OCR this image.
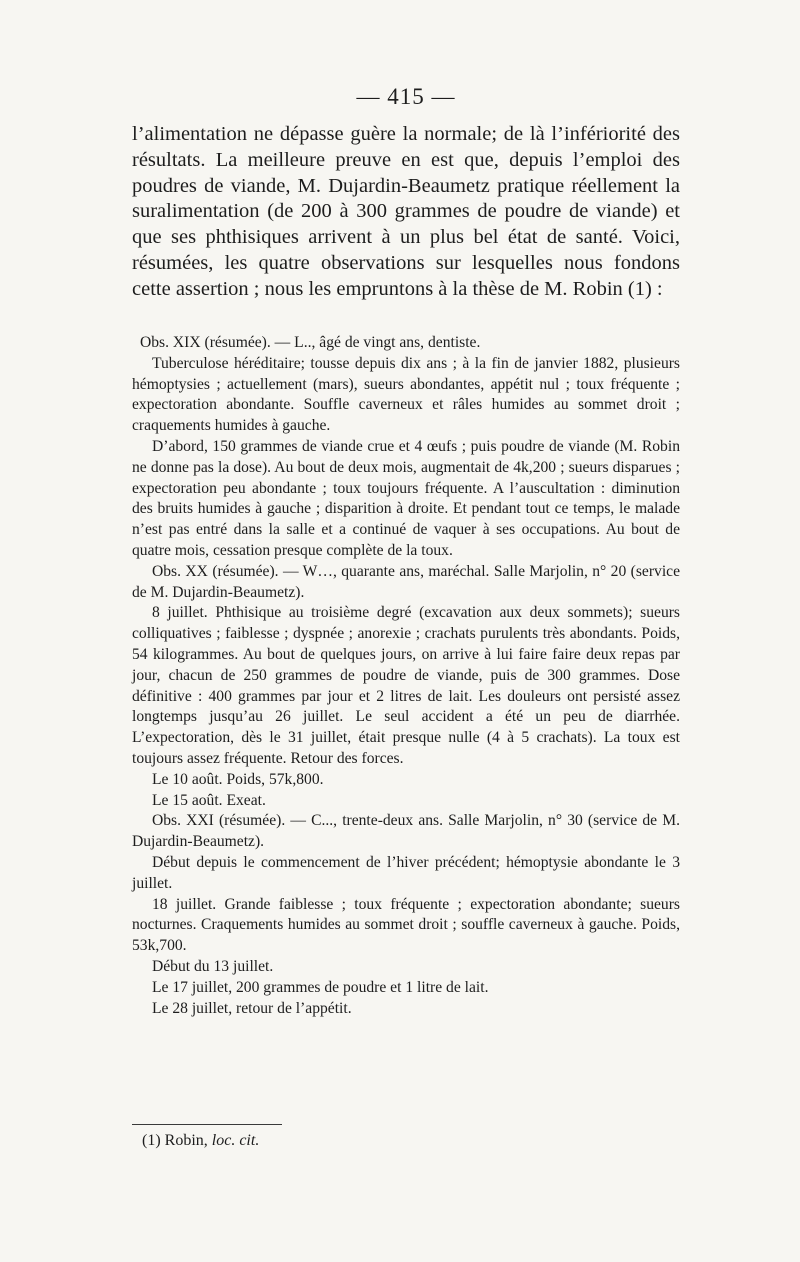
— 415 —

l’alimentation ne dépasse guère la normale; de là l’infériorité des résultats. La meilleure preuve en est que, depuis l’emploi des poudres de viande, M. Dujardin-Beaumetz pratique réellement la suralimentation (de 200 à 300 grammes de poudre de viande) et que ses phthisiques arrivent à un plus bel état de santé. Voici, résumées, les quatre observations sur lesquelles nous fondons cette assertion ; nous les empruntons à la thèse de M. Robin (1) :

Obs. XIX (résumée). — L.., âgé de vingt ans, dentiste.

Tuberculose héréditaire; tousse depuis dix ans ; à la fin de janvier 1882, plusieurs hémoptysies ; actuellement (mars), sueurs abondantes, appétit nul ; toux fréquente ; expectoration abondante. Souffle caverneux et râles humides au sommet droit ; craquements humides à gauche.

D’abord, 150 grammes de viande crue et 4 œufs ; puis poudre de viande (M. Robin ne donne pas la dose). Au bout de deux mois, augmentait de 4k,200 ; sueurs disparues ; expectoration peu abondante ; toux toujours fréquente. A l’auscultation : diminution des bruits humides à gauche ; disparition à droite. Et pendant tout ce temps, le malade n’est pas entré dans la salle et a continué de vaquer à ses occupations. Au bout de quatre mois, cessation presque complète de la toux.

Obs. XX (résumée). — W…, quarante ans, maréchal. Salle Marjolin, n° 20 (service de M. Dujardin-Beaumetz).

8 juillet. Phthisique au troisième degré (excavation aux deux sommets); sueurs colliquatives ; faiblesse ; dyspnée ; anorexie ; crachats purulents très abondants. Poids, 54 kilogrammes. Au bout de quelques jours, on arrive à lui faire faire deux repas par jour, chacun de 250 grammes de poudre de viande, puis de 300 grammes. Dose définitive : 400 grammes par jour et 2 litres de lait. Les douleurs ont persisté assez longtemps jusqu’au 26 juillet. Le seul accident a été un peu de diarrhée. L’expectoration, dès le 31 juillet, était presque nulle (4 à 5 crachats). La toux est toujours assez fréquente. Retour des forces.

Le 10 août. Poids, 57k,800.

Le 15 août. Exeat.

Obs. XXI (résumée). — C..., trente-deux ans. Salle Marjolin, n° 30 (service de M. Dujardin-Beaumetz).

Début depuis le commencement de l’hiver précédent; hémoptysie abondante le 3 juillet.

18 juillet. Grande faiblesse ; toux fréquente ; expectoration abondante; sueurs nocturnes. Craquements humides au sommet droit ; souffle caverneux à gauche. Poids, 53k,700.

Début du 13 juillet.

Le 17 juillet, 200 grammes de poudre et 1 litre de lait.

Le 28 juillet, retour de l’appétit.

(1) Robin, loc. cit.
